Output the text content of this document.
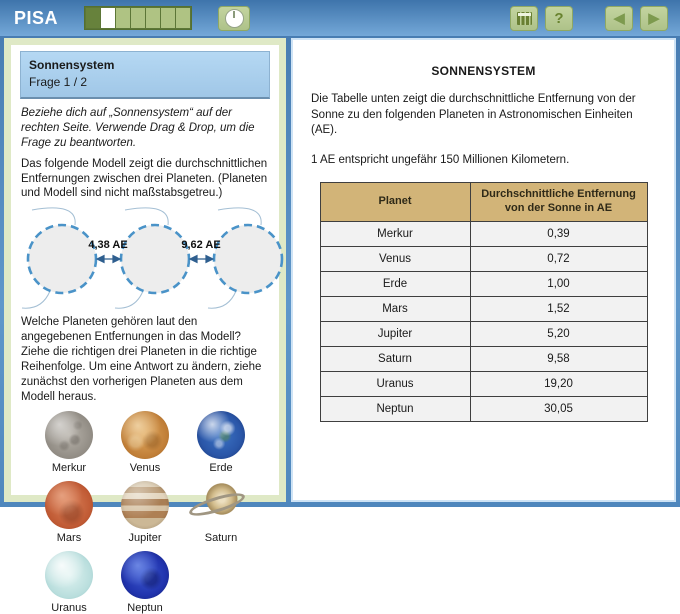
PISA	?	◀ ▶
Sonnensystem
Frage 1 / 2

Beziehe dich auf „Sonnensystem“ auf der rechten Seite. Verwende Drag & Drop, um die Frage zu beantworten.

Das folgende Modell zeigt die durchschnittlichen Entfernungen zwischen drei Planeten. (Planeten und Modell sind nicht maßstabsgetreu.)

4,38 AE	9,62 AE

Welche Planeten gehören laut den angegebenen Entfernungen in das Modell? Ziehe die richtigen drei Planeten in die richtige Reihenfolge. Um eine Antwort zu ändern, ziehe zunächst den vorherigen Planeten aus dem Modell heraus.

Merkur	Venus	Erde
Mars	Jupiter	Saturn
Uranus	Neptun
SONNENSYSTEM

Die Tabelle unten zeigt die durchschnittliche Entfernung von der Sonne zu den folgenden Planeten in Astronomischen Einheiten (AE).

1 AE entspricht ungefähr 150 Millionen Kilometern.

Planet	Durchschnittliche Entfernung von der Sonne in AE
Merkur	0,39
Venus	0,72
Erde	1,00
Mars	1,52
Jupiter	5,20
Saturn	9,58
Uranus	19,20
Neptun	30,05
